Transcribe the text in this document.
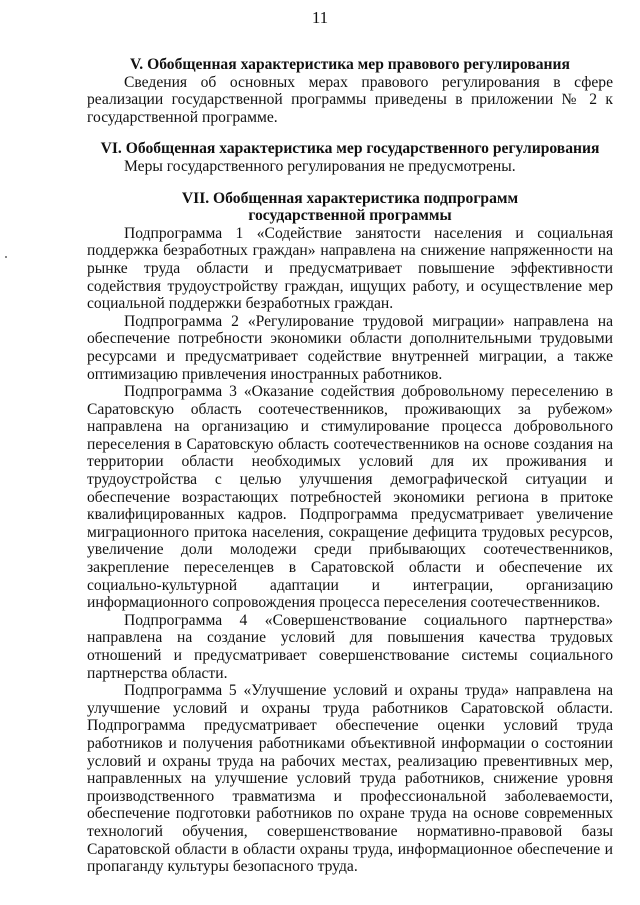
11
V. Обобщенная характеристика мер правового регулирования

Сведения об основных мерах правового регулирования в сфере реализации государственной программы приведены в приложении № 2 к государственной программе.

VI. Обобщенная характеристика мер государственного регулирования

Меры государственного регулирования не предусмотрены.

VII. Обобщенная характеристика подпрограмм
государственной программы

Подпрограмма 1 «Содействие занятости населения и социальная поддержка безработных граждан» направлена на снижение напряженности на рынке труда области и предусматривает повышение эффективности содействия трудоустройству граждан, ищущих работу, и осуществление мер социальной поддержки безработных граждан.

Подпрограмма 2 «Регулирование трудовой миграции» направлена на обеспечение потребности экономики области дополнительными трудовыми ресурсами и предусматривает содействие внутренней миграции, а также оптимизацию привлечения иностранных работников.

Подпрограмма 3 «Оказание содействия добровольному переселению в Саратовскую область соотечественников, проживающих за рубежом» направлена на организацию и стимулирование процесса добровольного переселения в Саратовскую область соотечественников на основе создания на территории области необходимых условий для их проживания и трудоустройства с целью улучшения демографической ситуации и обеспечение возрастающих потребностей экономики региона в притоке квалифицированных кадров. Подпрограмма предусматривает увеличение миграционного притока населения, сокращение дефицита трудовых ресурсов, увеличение доли молодежи среди прибывающих соотечественников, закрепление переселенцев в Саратовской области и обеспечение их социально-культурной адаптации и интеграции, организацию информационного сопровождения процесса переселения соотечественников.

Подпрограмма 4 «Совершенствование социального партнерства» направлена на создание условий для повышения качества трудовых отношений и предусматривает совершенствование системы социального партнерства области.

Подпрограмма 5 «Улучшение условий и охраны труда» направлена на улучшение условий и охраны труда работников Саратовской области. Подпрограмма предусматривает обеспечение оценки условий труда работников и получения работниками объективной информации о состоянии условий и охраны труда на рабочих местах, реализацию превентивных мер, направленных на улучшение условий труда работников, снижение уровня производственного травматизма и профессиональной заболеваемости, обеспечение подготовки работников по охране труда на основе современных технологий обучения, совершенствование нормативно-правовой базы Саратовской области в области охраны труда, информационное обеспечение и пропаганду культуры безопасного труда.
